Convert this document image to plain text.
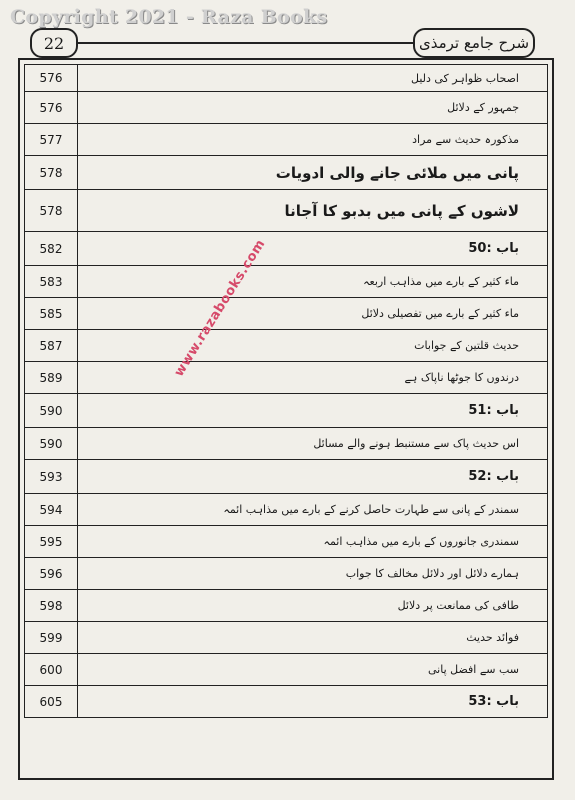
Copyright 2021 - Raza Books
22	شرح جامع ترمذی
576	اصحاب ظواہر کی دلیل
576	جمہور کے دلائل
577	مذکورہ حدیث سے مراد
578	پانی میں ملائی جانے والی ادویات
578	لاشوں کے پانی میں بدبو کا آجانا
582	باب :50
583	ماء کثیر کے بارے میں مذاہب اربعہ
585	ماء کثیر کے بارے میں تفصیلی دلائل
587	حدیث قلتین کے جوابات
589	درندوں کا جوٹھا ناپاک ہے
590	باب :51
590	اس حدیث پاک سے مستنبط ہونے والے مسائل
593	باب :52
594	سمندر کے پانی سے طہارت حاصل کرنے کے بارے میں مذاہب ائمہ
595	سمندری جانوروں کے بارے میں مذاہب ائمہ
596	ہمارے دلائل اور دلائل مخالف کا جواب
598	طافی کی ممانعت پر دلائل
599	فوائد حدیث
600	سب سے افضل پانی
605	باب :53
www.razabooks.com
